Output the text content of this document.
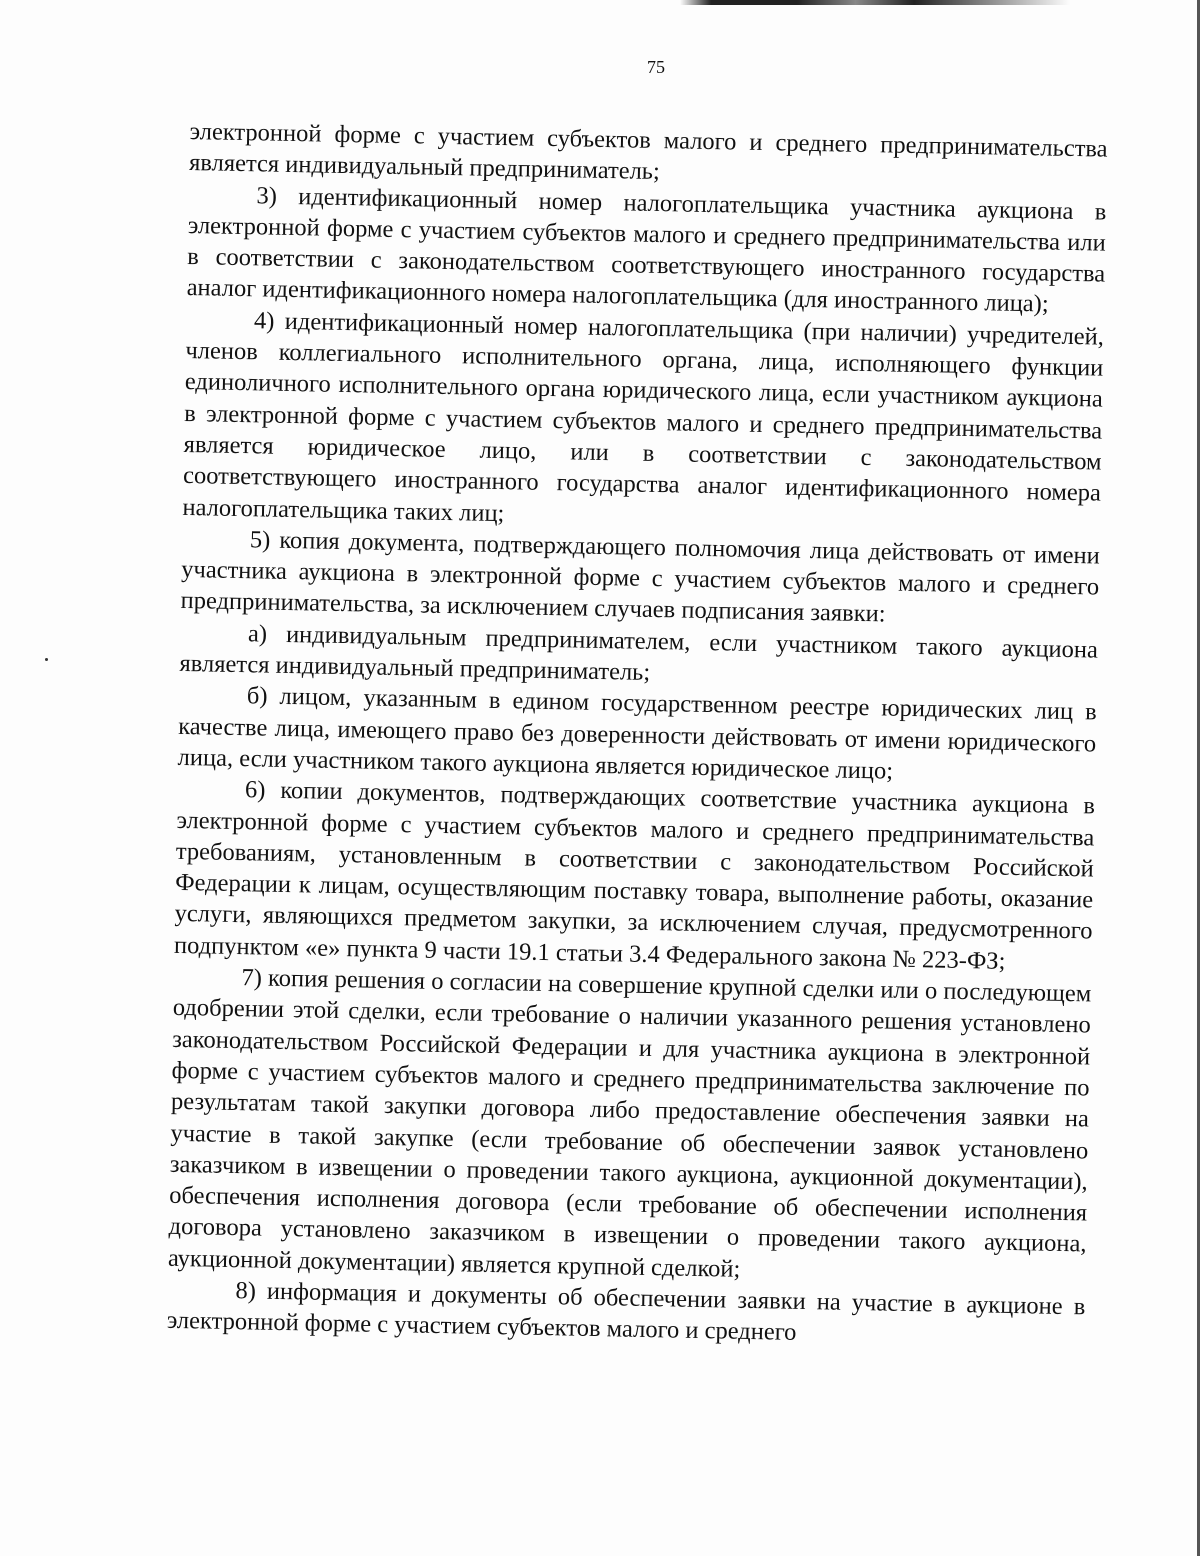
75

электронной форме с участием субъектов малого и среднего предпринимательства является индивидуальный предприниматель;

3) идентификационный номер налогоплательщика участника аукциона в электронной форме с участием субъектов малого и среднего предпринимательства или в соответствии с законодательством соответствующего иностранного государства аналог идентификационного номера налогоплательщика (для иностранного лица);

4) идентификационный номер налогоплательщика (при наличии) учредителей, членов коллегиального исполнительного органа, лица, исполняющего функции единоличного исполнительного органа юридического лица, если участником аукциона в электронной форме с участием субъектов малого и среднего предпринимательства является юридическое лицо, или в соответствии с законодательством соответствующего иностранного государства аналог идентификационного номера налогоплательщика таких лиц;

5) копия документа, подтверждающего полномочия лица действовать от имени участника аукциона в электронной форме с участием субъектов малого и среднего предпринимательства, за исключением случаев подписания заявки:

а) индивидуальным предпринимателем, если участником такого аукциона является индивидуальный предприниматель;

б) лицом, указанным в едином государственном реестре юридических лиц в качестве лица, имеющего право без доверенности действовать от имени юридического лица, если участником такого аукциона является юридическое лицо;

6) копии документов, подтверждающих соответствие участника аукциона в электронной форме с участием субъектов малого и среднего предпринимательства требованиям, установленным в соответствии с законодательством Российской Федерации к лицам, осуществляющим поставку товара, выполнение работы, оказание услуги, являющихся предметом закупки, за исключением случая, предусмотренного подпунктом «е» пункта 9 части 19.1 статьи 3.4 Федерального закона № 223-ФЗ;

7) копия решения о согласии на совершение крупной сделки или о последующем одобрении этой сделки, если требование о наличии указанного решения установлено законодательством Российской Федерации и для участника аукциона в электронной форме с участием субъектов малого и среднего предпринимательства заключение по результатам такой закупки договора либо предоставление обеспечения заявки на участие в такой закупке (если требование об обеспечении заявок установлено заказчиком в извещении о проведении такого аукциона, аукционной документации), обеспечения исполнения договора (если требование об обеспечении исполнения договора установлено заказчиком в извещении о проведении такого аукциона, аукционной документации) является крупной сделкой;

8) информация и документы об обеспечении заявки на участие в аукционе в электронной форме с участием субъектов малого и среднего
